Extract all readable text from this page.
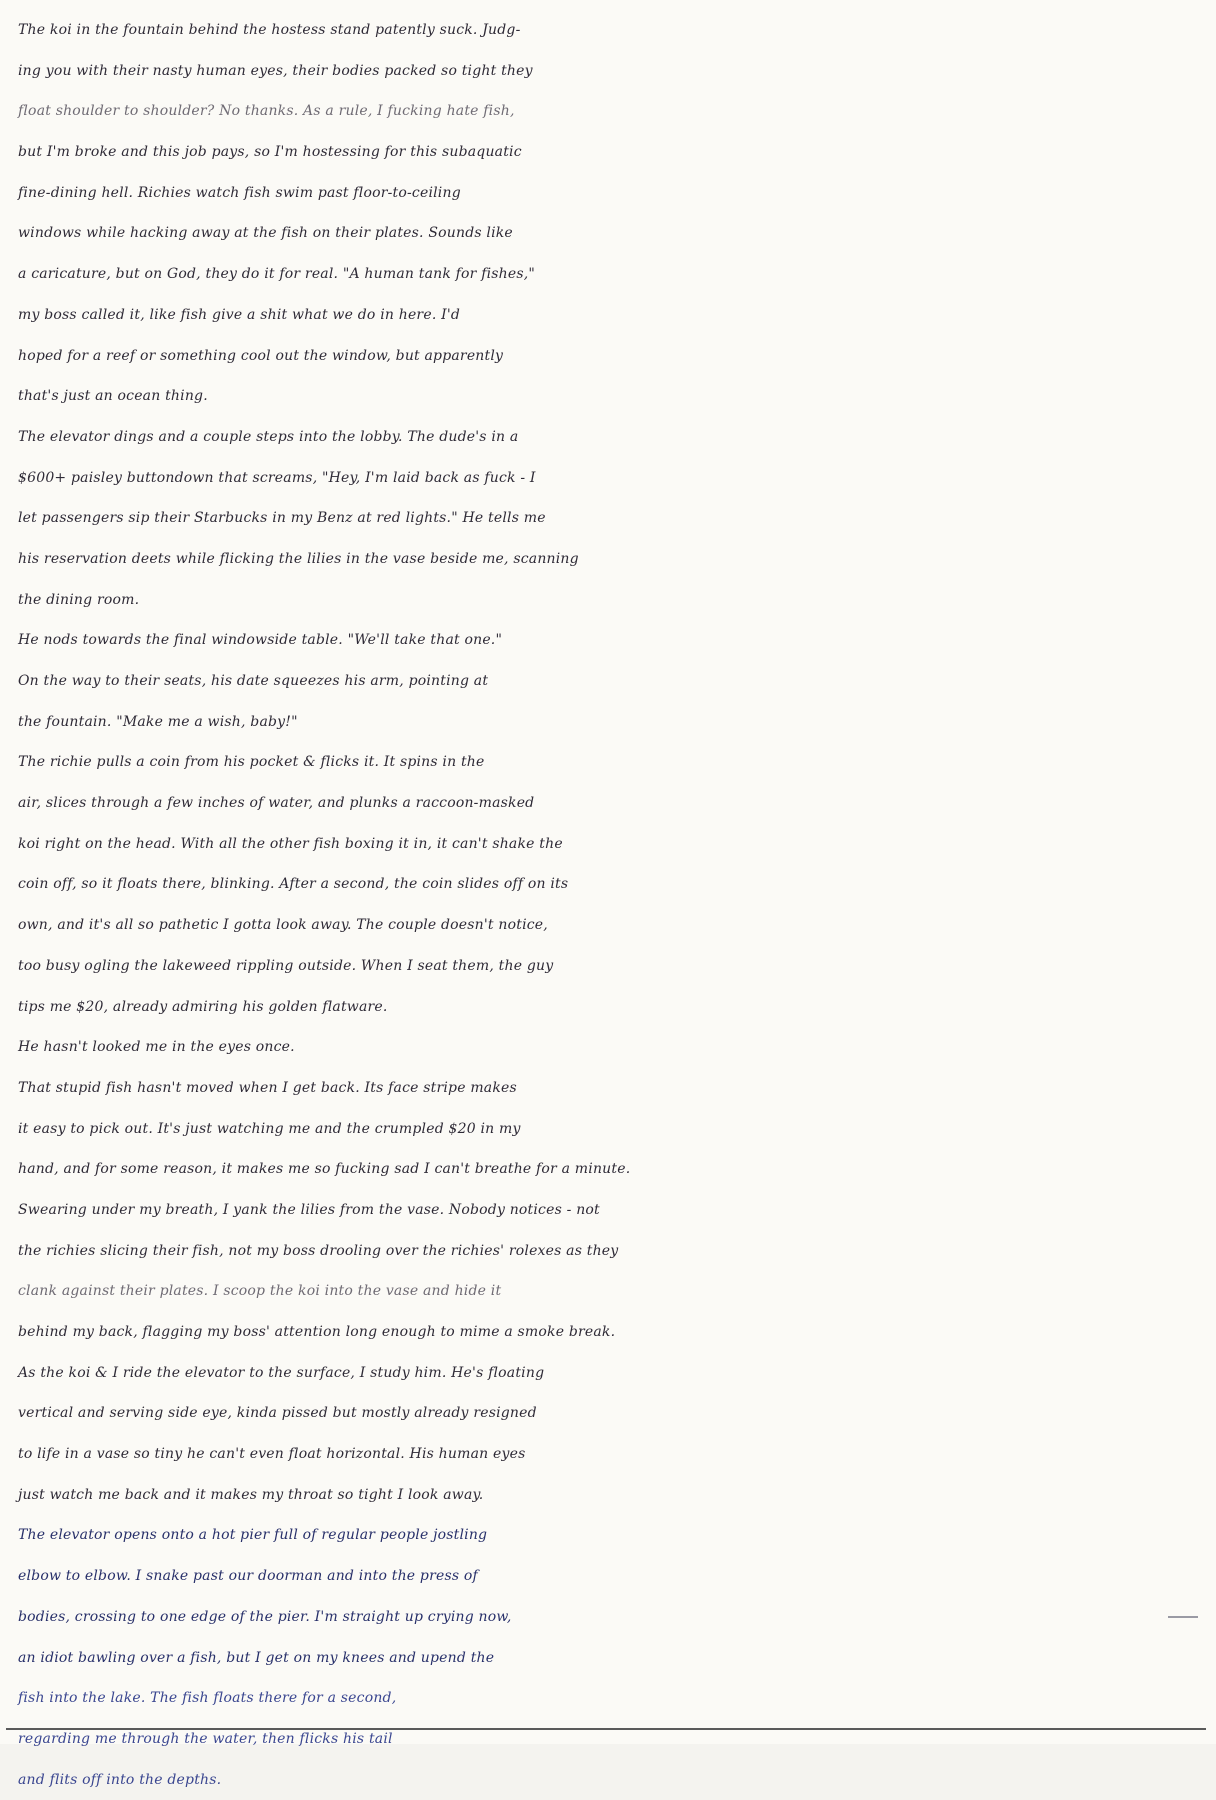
The koi in the fountain behind the hostess stand patently suck. Judg-
ing you with their nasty human eyes, their bodies packed so tight they
float shoulder to shoulder? No thanks. As a rule, I fucking hate fish,
but I'm broke and this job pays, so I'm hostessing for this subaquatic
fine-dining hell. Richies watch fish swim past floor-to-ceiling
windows while hacking away at the fish on their plates. Sounds like
a caricature, but on God, they do it for real. "A human tank for fishes,"
my boss called it, like fish give a shit what we do in here. I'd
hoped for a reef or something cool out the window, but apparently
that's just an ocean thing.
The elevator dings and a couple steps into the lobby. The dude's in a
$600+ paisley buttondown that screams, "Hey, I'm laid back as fuck - I
let passengers sip their Starbucks in my Benz at red lights." He tells me
his reservation deets while flicking the lilies in the vase beside me, scanning
the dining room.
He nods towards the final windowside table. "We'll take that one."
On the way to their seats, his date squeezes his arm, pointing at
the fountain. "Make me a wish, baby!"
The richie pulls a coin from his pocket & flicks it. It spins in the
air, slices through a few inches of water, and plunks a raccoon-masked
koi right on the head. With all the other fish boxing it in, it can't shake the
coin off, so it floats there, blinking. After a second, the coin slides off on its
own, and it's all so pathetic I gotta look away. The couple doesn't notice,
too busy ogling the lakeweed rippling outside. When I seat them, the guy
tips me $20, already admiring his golden flatware.
He hasn't looked me in the eyes once.
That stupid fish hasn't moved when I get back. Its face stripe makes
it easy to pick out. It's just watching me and the crumpled $20 in my
hand, and for some reason, it makes me so fucking sad I can't breathe for a minute.
Swearing under my breath, I yank the lilies from the vase. Nobody notices - not
the richies slicing their fish, not my boss drooling over the richies' rolexes as they
clank against their plates. I scoop the koi into the vase and hide it
behind my back, flagging my boss' attention long enough to mime a smoke break.
As the koi & I ride the elevator to the surface, I study him. He's floating
vertical and serving side eye, kinda pissed but mostly already resigned
to life in a vase so tiny he can't even float horizontal. His human eyes
just watch me back and it makes my throat so tight I look away.
The elevator opens onto a hot pier full of regular people jostling
elbow to elbow. I snake past our doorman and into the press of
bodies, crossing to one edge of the pier. I'm straight up crying now,
an idiot bawling over a fish, but I get on my knees and upend the
fish into the lake. The fish floats there for a second,
regarding me through the water, then flicks his tail
and flits off into the depths.
